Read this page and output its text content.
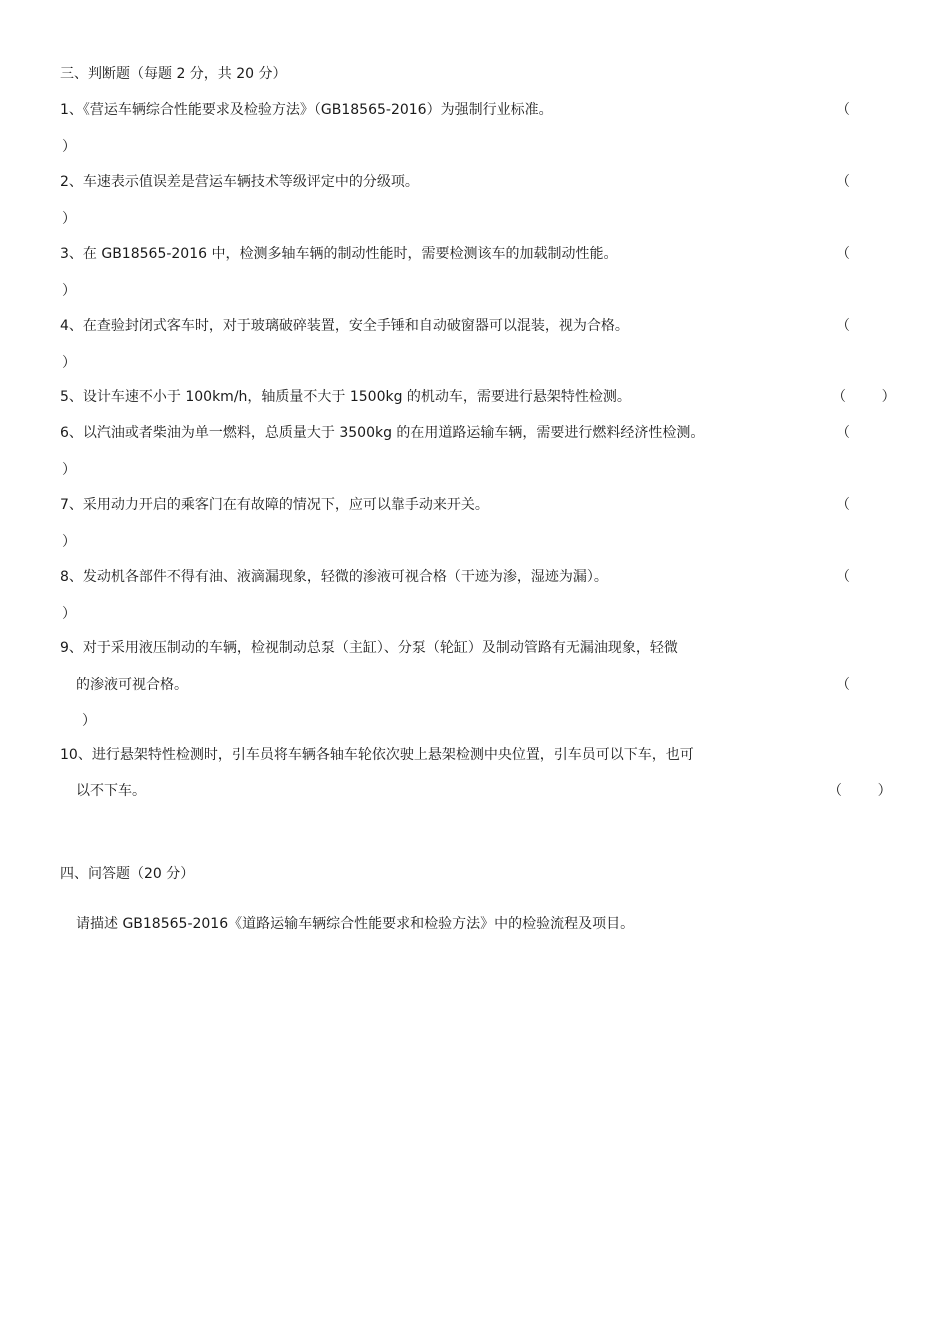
三、判断题（每题 2 分，共 20 分）
1、《营运车辆综合性能要求及检验方法》（GB18565-2016）为强制行业标准。	（
）
2、车速表示值误差是营运车辆技术等级评定中的分级项。	（
）
3、在 GB18565-2016 中，检测多轴车辆的制动性能时，需要检测该车的加载制动性能。	（
）
4、在查验封闭式客车时，对于玻璃破碎装置，安全手锤和自动破窗器可以混装，视为合格。	（
）
5、设计车速不小于 100km/h，轴质量不大于 1500kg 的机动车，需要进行悬架特性检测。	（        ）
6、以汽油或者柴油为单一燃料，总质量大于 3500kg 的在用道路运输车辆，需要进行燃料经济性检测。	（
）
7、采用动力开启的乘客门在有故障的情况下，应可以靠手动来开关。	（
）
8、发动机各部件不得有油、液滴漏现象，轻微的渗液可视合格（干迹为渗，湿迹为漏）。	（
）
9、对于采用液压制动的车辆，检视制动总泵（主缸）、分泵（轮缸）及制动管路有无漏油现象，轻微
的渗液可视合格。	（
）
10、进行悬架特性检测时，引车员将车辆各轴车轮依次驶上悬架检测中央位置，引车员可以下车，也可
以不下车。	（        ）
四、问答题（20 分）
请描述 GB18565-2016《道路运输车辆综合性能要求和检验方法》中的检验流程及项目。
